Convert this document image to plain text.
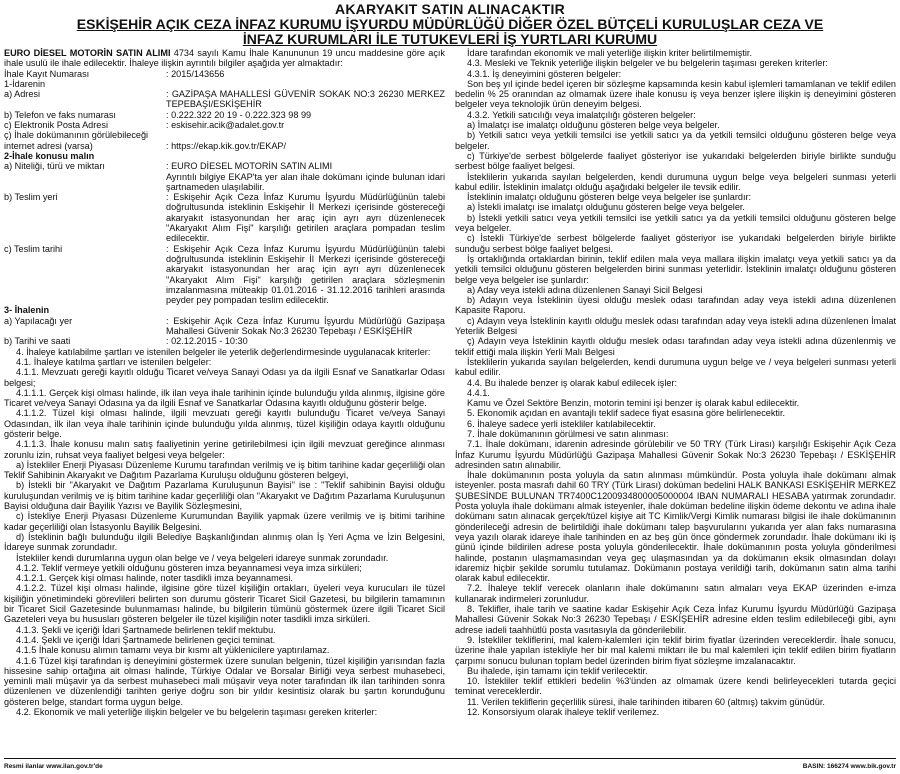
AKARYAKIT SATIN ALINACAKTIR
ESKİŞEHİR AÇIK CEZA İNFAZ KURUMU İŞYURDU MÜDÜRLÜĞÜ DİĞER ÖZEL BÜTÇELİ KURULUŞLAR CEZA VE
İNFAZ KURUMLARI İLE TUTUKEVLERİ İŞ YURTLARI KURUMU

EURO DİESEL MOTORİN SATIN ALIMI 4734 sayılı Kamu İhale Kanununun 19 uncu maddesine göre açık ihale usulü ile ihale edilecektir. İhaleye ilişkin ayrıntılı bilgiler aşağıda yer almaktadır:

İhale Kayıt Numarası	: 2015/143656

1-İdarenin

a) Adresi	: GAZİPAŞA MAHALLESİ GÜVENİR SOKAK NO:3 26230 MERKEZ TEPEBAŞI/ESKİŞEHİR
b) Telefon ve faks numarası	: 0.222.322 20 19 - 0.222.323 98 99
c) Elektronik Posta Adresi	: eskisehir.acik@adalet.gov.tr

ç) İhale dokümanının görülebileceği

internet adresi (varsa)	: https://ekap.kik.gov.tr/EKAP/

2-İhale konusu malın

a) Niteliği, türü ve miktarı	: EURO DİESEL MOTORİN SATIN ALIMI
Ayrıntılı bilgiye EKAP'ta yer alan ihale dokümanı içinde bulunan idari şartnameden ulaşılabilir.
b) Teslim yeri	: Eskişehir Açık Ceza İnfaz Kurumu İşyurdu Müdürlüğünün talebi doğrultusunda isteklinin Eskişehir İl Merkezi içerisinde göstereceği akaryakıt istasyonundan her araç için ayrı ayrı düzenlenecek "Akaryakıt Alım Fişi" karşılığı getirilen araçlara pompadan teslim edilecektir.
c) Teslim tarihi	: Eskişehir Açık Ceza İnfaz Kurumu İşyurdu Müdürlüğünün talebi doğrultusunda isteklinin Eskişehir İl Merkezi içerisinde göstereceği akaryakıt istasyonundan her araç için ayrı ayrı düzenlenecek "Akaryakıt Alım Fişi" karşılığı getirilen araçlara sözleşmenin imzalanmasına müteakip 01.01.2016 - 31.12.2016 tarihleri arasında peyder pey pompadan teslim edilecektir.

3- İhalenin

a) Yapılacağı yer	: Eskişehir Açık Ceza İnfaz Kurumu İşyurdu Müdürlüğü Gazipaşa Mahallesi Güvenir Sokak No:3 26230 Tepebaşı / ESKİŞEHİR
b) Tarihi ve saati	: 02.12.2015 - 10:30

4. İhaleye katılabilme şartları ve istenilen belgeler ile yeterlik değerlendirmesinde uygulanacak kriterler:

4.1. İhaleye katılma şartları ve istenilen belgeler:

4.1.1. Mevzuatı gereği kayıtlı olduğu Ticaret ve/veya Sanayi Odası ya da ilgili Esnaf ve Sanatkarlar Odası belgesi;

4.1.1.1. Gerçek kişi olması halinde, ilk ilan veya ihale tarihinin içinde bulunduğu yılda alınmış, ilgisine göre Ticaret ve/veya Sanayi Odasına ya da ilgili Esnaf ve Sanatkarlar Odasına kayıtlı olduğunu gösterir belge.

4.1.1.2. Tüzel kişi olması halinde, ilgili mevzuatı gereği kayıtlı bulunduğu Ticaret ve/veya Sanayi Odasından, ilk ilan veya ihale tarihinin içinde bulunduğu yılda alınmış, tüzel kişiliğin odaya kayıtlı olduğunu gösterir belge.

4.1.1.3. İhale konusu malın satış faaliyetinin yerine getirilebilmesi için ilgili mevzuat gereğince alınması zorunlu izin, ruhsat veya faaliyet belgesi veya belgeler:

a) İstekliler Enerji Piyasası Düzenleme Kurumu tarafından verilmiş ve iş bitim tarihine kadar geçerliliği olan Teklif Sahibinin Akaryakıt ve Dağıtım Pazarlama Kuruluşu olduğunu gösteren belgeyi,

b) İstekli bir "Akaryakıt ve Dağıtım Pazarlama Kuruluşunun Bayisi" ise : "Teklif sahibinin Bayisi olduğu kuruluşundan verilmiş ve iş bitim tarihine kadar geçerliliği olan "Akaryakıt ve Dağıtım Pazarlama Kuruluşunun Bayisi olduğuna dair Bayilik Yazısı ve Bayilik Sözleşmesini,

c) İstekliye Enerji Piyasası Düzenleme Kurumundan Bayilik yapmak üzere verilmiş ve iş bitimi tarihine kadar geçerliliği olan İstasyonlu Bayilik Belgesini.

d) İsteklinin bağlı bulunduğu ilgili Belediye Başkanlığından alınmış olan İş Yeri Açma ve İzin Belgesini, İdareye sunmak zorundadır.

İstekliler kendi durumlarına uygun olan belge ve / veya belgeleri idareye sunmak zorundadır.

4.1.2. Teklif vermeye yetkili olduğunu gösteren imza beyannamesi veya imza sirküleri;

4.1.2.1. Gerçek kişi olması halinde, noter tasdikli imza beyannamesi.

4.1.2.2. Tüzel kişi olması halinde, ilgisine göre tüzel kişiliğin ortakları, üyeleri veya kurucuları ile tüzel kişiliğin yönetimindeki görevlileri belirten son durumu gösterir Ticaret Sicil Gazetesi, bu bilgilerin tamamının bir Ticaret Sicil Gazetesinde bulunmaması halinde, bu bilgilerin tümünü göstermek üzere ilgili Ticaret Sicil Gazeteleri veya bu hususları gösteren belgeler ile tüzel kişiliğin noter tasdikli imza sirküleri.

4.1.3. Şekli ve içeriği İdari Şartnamede belirlenen teklif mektubu.

4.1.4. Şekli ve içeriği İdari Şartnamede belirlenen geçici teminat.

4.1.5 İhale konusu alımın tamamı veya bir kısmı alt yüklenicilere yaptırılamaz.

4.1.6 Tüzel kişi tarafından iş deneyimini göstermek üzere sunulan belgenin, tüzel kişiliğin yarısından fazla hissesine sahip ortağına ait olması halinde, Türkiye Odalar ve Borsalar Birliği veya serbest muhasebeci, yeminli mali müşavir ya da serbest muhasebeci mali müşavir veya noter tarafından ilk ilan tarihinden sonra düzenlenen ve düzenlendiği tarihten geriye doğru son bir yıldır kesintisiz olarak bu şartın korunduğunu gösteren belge, standart forma uygun belge.

4.2. Ekonomik ve mali yeterliğe ilişkin belgeler ve bu belgelerin taşıması gereken kriterler:

İdare tarafından ekonomik ve mali yeterliğe ilişkin kriter belirtilmemiştir.

4.3. Mesleki ve Teknik yeterliğe ilişkin belgeler ve bu belgelerin taşıması gereken kriterler:

4.3.1. İş deneyimini gösteren belgeler:

Son beş yıl içinde bedel içeren bir sözleşme kapsamında kesin kabul işlemleri tamamlanan ve teklif edilen bedelin % 25 oranından az olmamak üzere ihale konusu iş veya benzer işlere ilişkin iş deneyimini gösteren belgeler veya teknolojik ürün deneyim belgesi.

4.3.2. Yetkili satıcılığı veya imalatçılığı gösteren belgeler:

a) İmalatçı ise imalatçı olduğunu gösteren belge veya belgeler.

b) Yetkili satıcı veya yetkili temsilci ise yetkili satıcı ya da yetkili temsilci olduğunu gösteren belge veya belgeler.

c) Türkiye'de serbest bölgelerde faaliyet gösteriyor ise yukarıdaki belgelerden biriyle birlikte sunduğu serbest bölge faaliyet belgesi.

İsteklilerin yukarıda sayılan belgelerden, kendi durumuna uygun belge veya belgeleri sunması yeterli kabul edilir. İsteklinin imalatçı olduğu aşağıdaki belgeler ile tevsik edilir.

İsteklinin imalatçı olduğunu gösteren belge veya belgeler ise şunlardır:

a) İstekli imalatçı ise imalatçı olduğunu gösteren belge veya belgeler.

b) İstekli yetkili satıcı veya yetkili temsilci ise yetkili satıcı ya da yetkili temsilci olduğunu gösteren belge veya belgeler.

c) İstekli Türkiye'de serbest bölgelerde faaliyet gösteriyor ise yukarıdaki belgelerden biriyle birlikte sunduğu serbest bölge faaliyet belgesi.

İş ortaklığında ortaklardan birinin, teklif edilen mala veya mallara ilişkin imalatçı veya yetkili satıcı ya da yetkili temsilci olduğunu gösteren belgelerden birini sunması yeterlidir. İsteklinin imalatçı olduğunu gösteren belge veya belgeler ise şunlardır:

a) Aday veya istekli adına düzenlenen Sanayi Sicil Belgesi

b) Adayın veya İsteklinin üyesi olduğu meslek odası tarafından aday veya istekli adına düzenlenen Kapasite Raporu.

c) Adayın veya İsteklinin kayıtlı olduğu meslek odası tarafından aday veya istekli adına düzenlenen İmalat Yeterlik Belgesi

ç) Adayın veya İsteklinin kayıtlı olduğu meslek odası tarafından aday veya istekli adına düzenlenmiş ve teklif ettiği mala ilişkin Yerli Malı Belgesi

İsteklilerin yukarıda sayılan belgelerden, kendi durumuna uygun belge ve / veya belgeleri sunması yeterli kabul edilir.

4.4. Bu ihalede benzer iş olarak kabul edilecek işler:

4.4.1.

Kamu ve Özel Sektöre Benzin, motorin temini işi benzer iş olarak kabul edilecektir.

5. Ekonomik açıdan en avantajlı teklif sadece fiyat esasına göre belirlenecektir.

6. İhaleye sadece yerli istekliler katılabilecektir.

7. İhale dokümanının görülmesi ve satın alınması:

7.1. İhale dokümanı, idarenin adresinde görülebilir ve 50 TRY (Türk Lirası) karşılığı Eskişehir Açık Ceza İnfaz Kurumu İşyurdu Müdürlüğü Gazipaşa Mahallesi Güvenir Sokak No:3 26230 Tepebaşı / ESKİŞEHİR adresinden satın alınabilir.

İhale dokümanının posta yoluyla da satın alınması mümkündür. Posta yoluyla ihale dokümanı almak isteyenler. posta masrafı dahil 60 TRY (Türk Lirası) doküman bedelini HALK BANKASI ESKİŞEHİR MERKEZ ŞUBESİNDE BULUNAN TR7400C1200934800005000004 IBAN NUMARALI HESABA yatırmak zorundadır. Posta yoluyla ihale dokümanı almak isteyenler, ihale doküman bedeline ilişkin ödeme dekontu ve adına ihale dokümanı satın alınacak gerçek/tüzel kişiye ait TC Kimlik/Vergi Kimlik numarası bilgisi ile ihale dokümanının gönderileceği adresin de belirtildiği ihale dokümanı talep başvurularını yukarıda yer alan faks numarasına veya yazılı olarak idareye ihale tarihinden en az beş gün önce göndermek zorundadır. İhale dokümanı iki iş günü içinde bildirilen adrese posta yoluyla gönderilecektir. İhale dokümanının posta yoluyla gönderilmesi halinde, postanın ulaşmamasından veya geç ulaşmasından ya da dokümanın eksik olmasından dolayı idaremiz hiçbir şekilde sorumlu tutulamaz. Dokümanın postaya verildiği tarih, dokümanın satın alma tarihi olarak kabul edilecektir.

7.2. İhaleye teklif verecek olanların ihale dokümanını satın almaları veya EKAP üzerinden e-imza kullanarak indirmeleri zorunludur.

8. Teklifler, ihale tarih ve saatine kadar Eskişehir Açık Ceza İnfaz Kurumu İşyurdu Müdürlüğü Gazipaşa Mahallesi Güvenir Sokak No:3 26230 Tepebaşı / ESKİŞEHİR adresine elden teslim edilebileceği gibi, aynı adrese iadeli taahhütlü posta vasıtasıyla da gönderilebilir.

9. İstekliler tekliflerini, mal kalem-kalemleri için teklif birim fiyatlar üzerinden vereceklerdir. İhale sonucu, üzerine ihale yapılan istekliyle her bir mal kalemi miktarı ile bu mal kalemleri için teklif edilen birim fiyatların çarpımı sonucu bulunan toplam bedel üzerinden birim fiyat sözleşme imzalanacaktır.

Bu ihalede, işin tamamı için teklif verilecektir.

10. İstekliler teklif ettikleri bedelin %3'ünden az olmamak üzere kendi belirleyecekleri tutarda geçici teminat vereceklerdir.

11. Verilen tekliflerin geçerlilik süresi, ihale tarihinden itibaren 60 (altmış) takvim günüdür.

12. Konsorsiyum olarak ihaleye teklif verilemez.

Resmi ilanlar www.ilan.gov.tr'de	BASIN: 166274 www.bik.gov.tr
